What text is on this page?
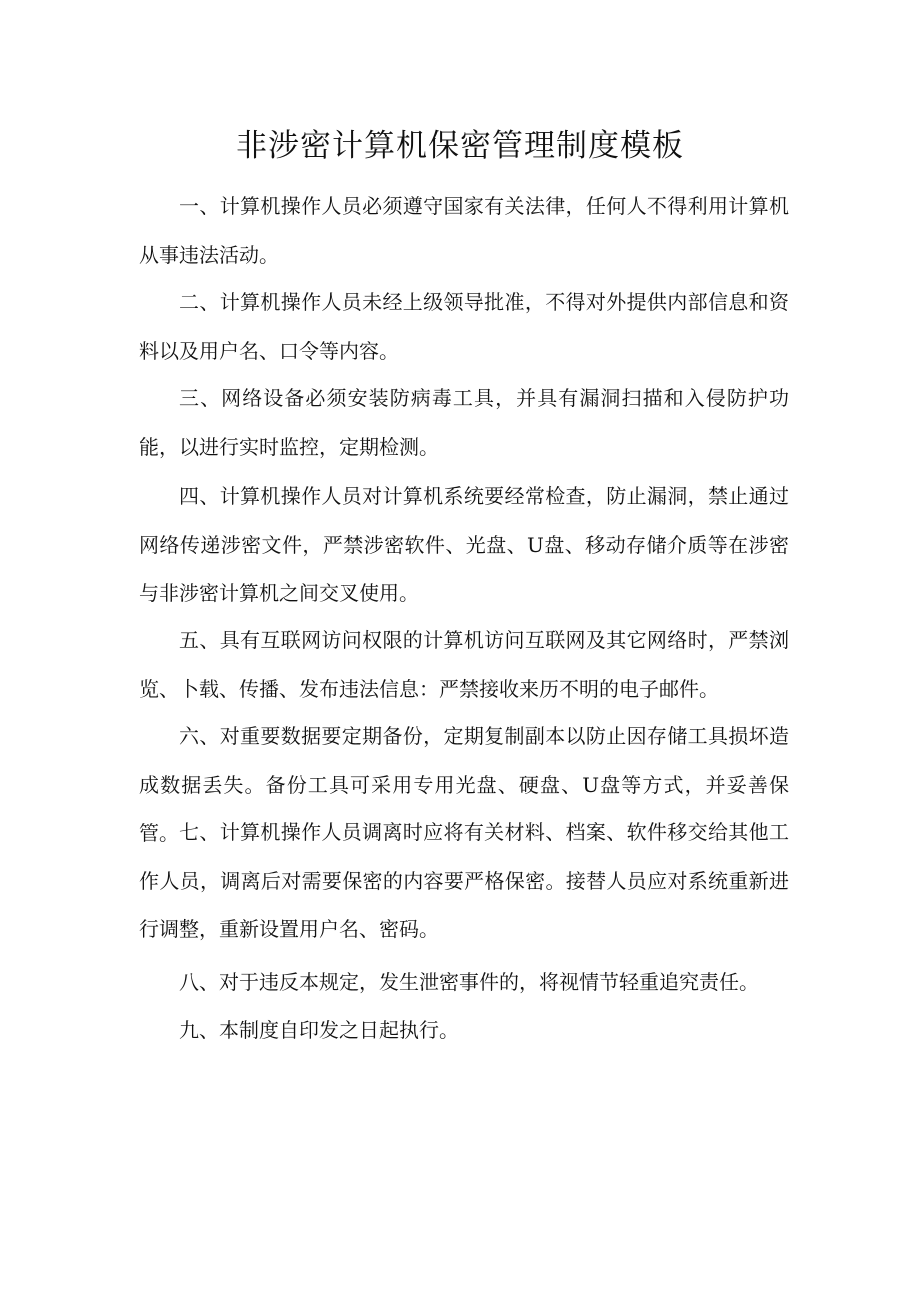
非涉密计算机保密管理制度模板

一、计算机操作人员必须遵守国家有关法律，任何人不得利用计算机从事违法活动。

二、计算机操作人员未经上级领导批准，不得对外提供内部信息和资料以及用户名、口令等内容。

三、网络设备必须安装防病毒工具，并具有漏洞扫描和入侵防护功能，以进行实时监控，定期检测。

四、计算机操作人员对计算机系统要经常检查，防止漏洞，禁止通过网络传递涉密文件，严禁涉密软件、光盘、U盘、移动存储介质等在涉密与非涉密计算机之间交叉使用。

五、具有互联网访问权限的计算机访问互联网及其它网络时，严禁浏览、卜载、传播、发布违法信息：严禁接收来历不明的电子邮件。

六、对重要数据要定期备份，定期复制副本以防止因存储工具损坏造成数据丢失。备份工具可采用专用光盘、硬盘、U盘等方式，并妥善保管。 七、计算机操作人员调离时应将有关材料、档案、软件移交给其他工作人员，调离后对需要保密的内容要严格保密。接替人员应对系统重新进行调整，重新设置用户名、密码。

八、对于违反本规定，发生泄密事件的，将视情节轻重追究责任。

九、本制度自印发之日起执行。
